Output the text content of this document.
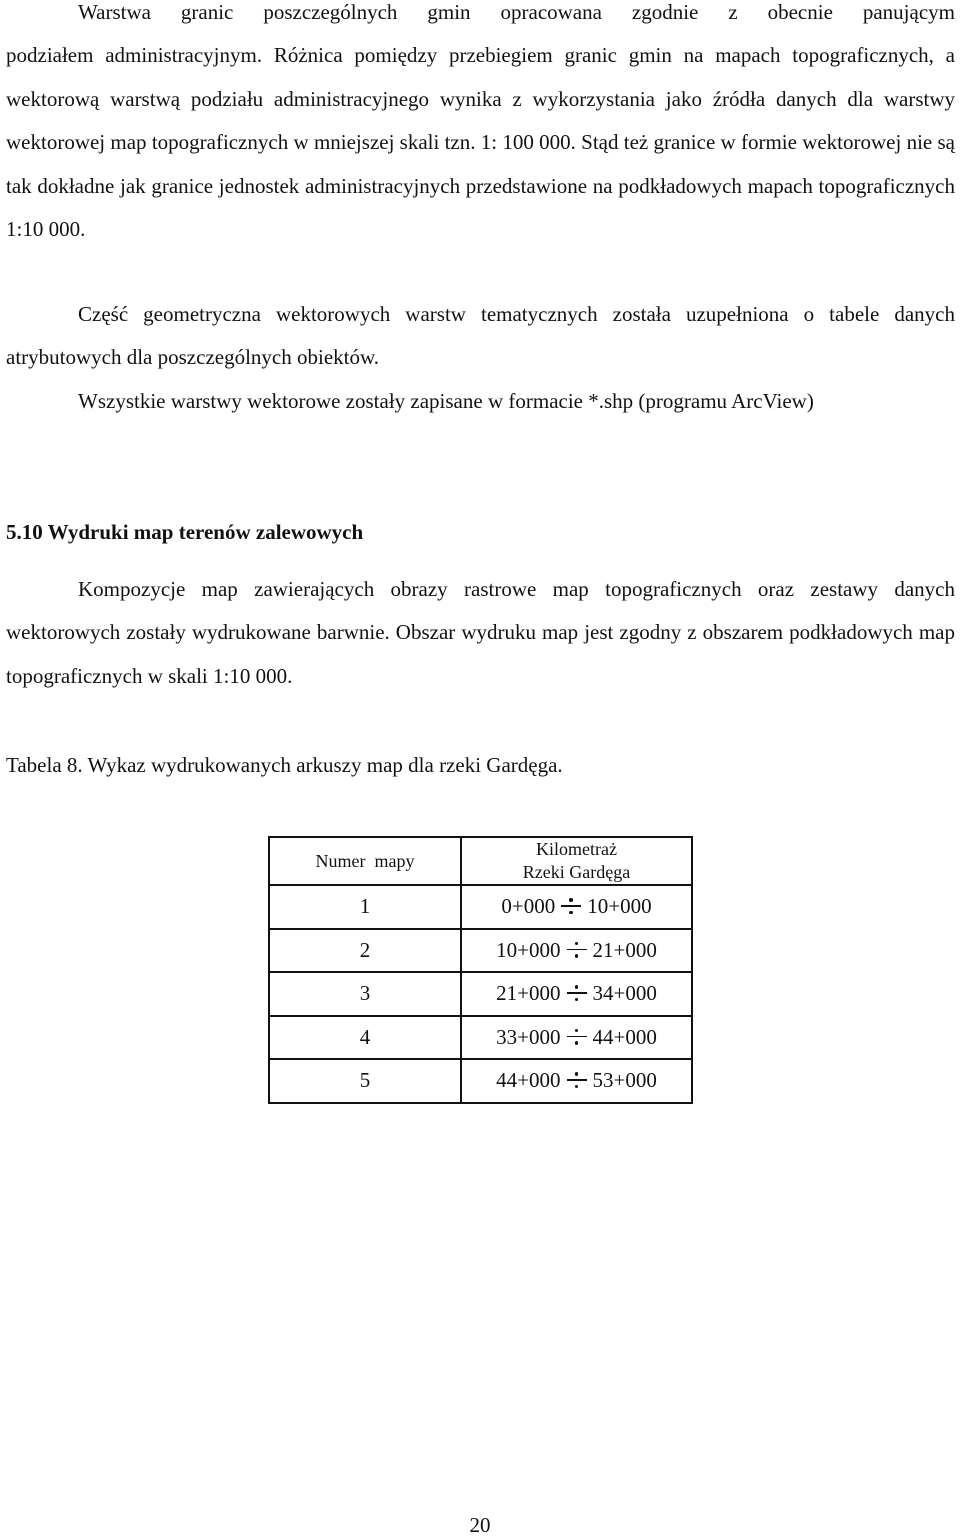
Warstwa granic poszczególnych gmin opracowana zgodnie z obecnie panującym
podziałem administracyjnym. Różnica pomiędzy przebiegiem granic gmin na mapach topograficznych, a wektorową warstwą podziału administracyjnego wynika z wykorzystania jako źródła danych dla warstwy wektorowej map topograficznych w mniejszej skali tzn. 1: 100 000. Stąd też granice w formie wektorowej nie są tak dokładne jak granice jednostek administracyjnych przedstawione na podkładowych mapach topograficznych 1:10 000.

Część geometryczna wektorowych warstw tematycznych została uzupełniona o tabele danych atrybutowych dla poszczególnych obiektów.

Wszystkie warstwy wektorowe zostały zapisane w formacie *.shp (programu ArcView)

5.10 Wydruki map terenów zalewowych

Kompozycje map zawierających obrazy rastrowe map topograficznych oraz zestawy danych wektorowych zostały wydrukowane barwnie. Obszar wydruku map jest zgodny z obszarem podkładowych map topograficznych w skali 1:10 000.

Tabela 8. Wykaz wydrukowanych arkuszy map dla rzeki Gardęga.

Numer  mapy	Kilometraż
Rzeki Gardęga

1	0+000 10+000
2	10+000 21+000
3	21+000 34+000
4	33+000 44+000
5	44+000 53+000
20
